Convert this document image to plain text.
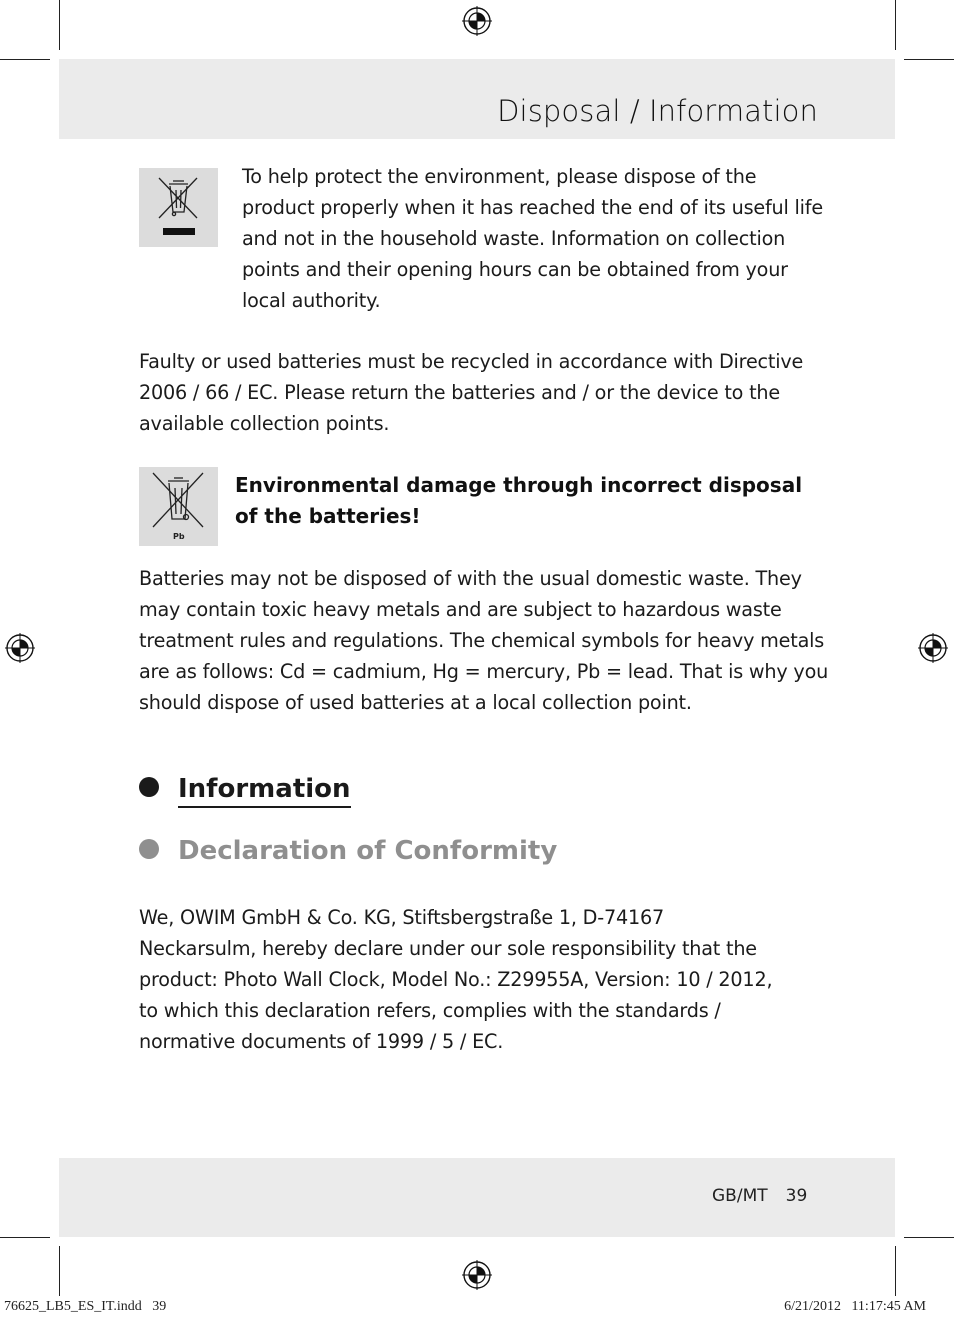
Disposal / Information
To help protect the environment, please dispose of the product properly when it has reached the end of its useful life and not in the household waste. Information on collection points and their opening hours can be obtained from your local authority.
Faulty or used batteries must be recycled in accordance with Directive 2006 / 66 / EC. Please return the batteries and / or the device to the available collection points.
Pb
Environmental damage through incorrect disposal of the batteries!
Batteries may not be disposed of with the usual domestic waste. They may contain toxic heavy metals and are subject to hazardous waste treatment rules and regulations. The chemical symbols for heavy metals are as follows: Cd = cadmium, Hg = mercury, Pb = lead. That is why you should dispose of used batteries at a local collection point.
Information
Declaration of Conformity
We, OWIM GmbH & Co. KG, Stiftsbergstraße 1, D-74167 Neckarsulm, hereby declare under our sole responsibility that the product: Photo Wall Clock, Model No.: Z29955A, Version: 10 / 2012, to which this declaration refers, complies with the standards / normative documents of 1999 / 5 / EC.
GB/MT 39
76625_LB5_ES_IT.indd   39	6/21/2012   11:17:45 AM
